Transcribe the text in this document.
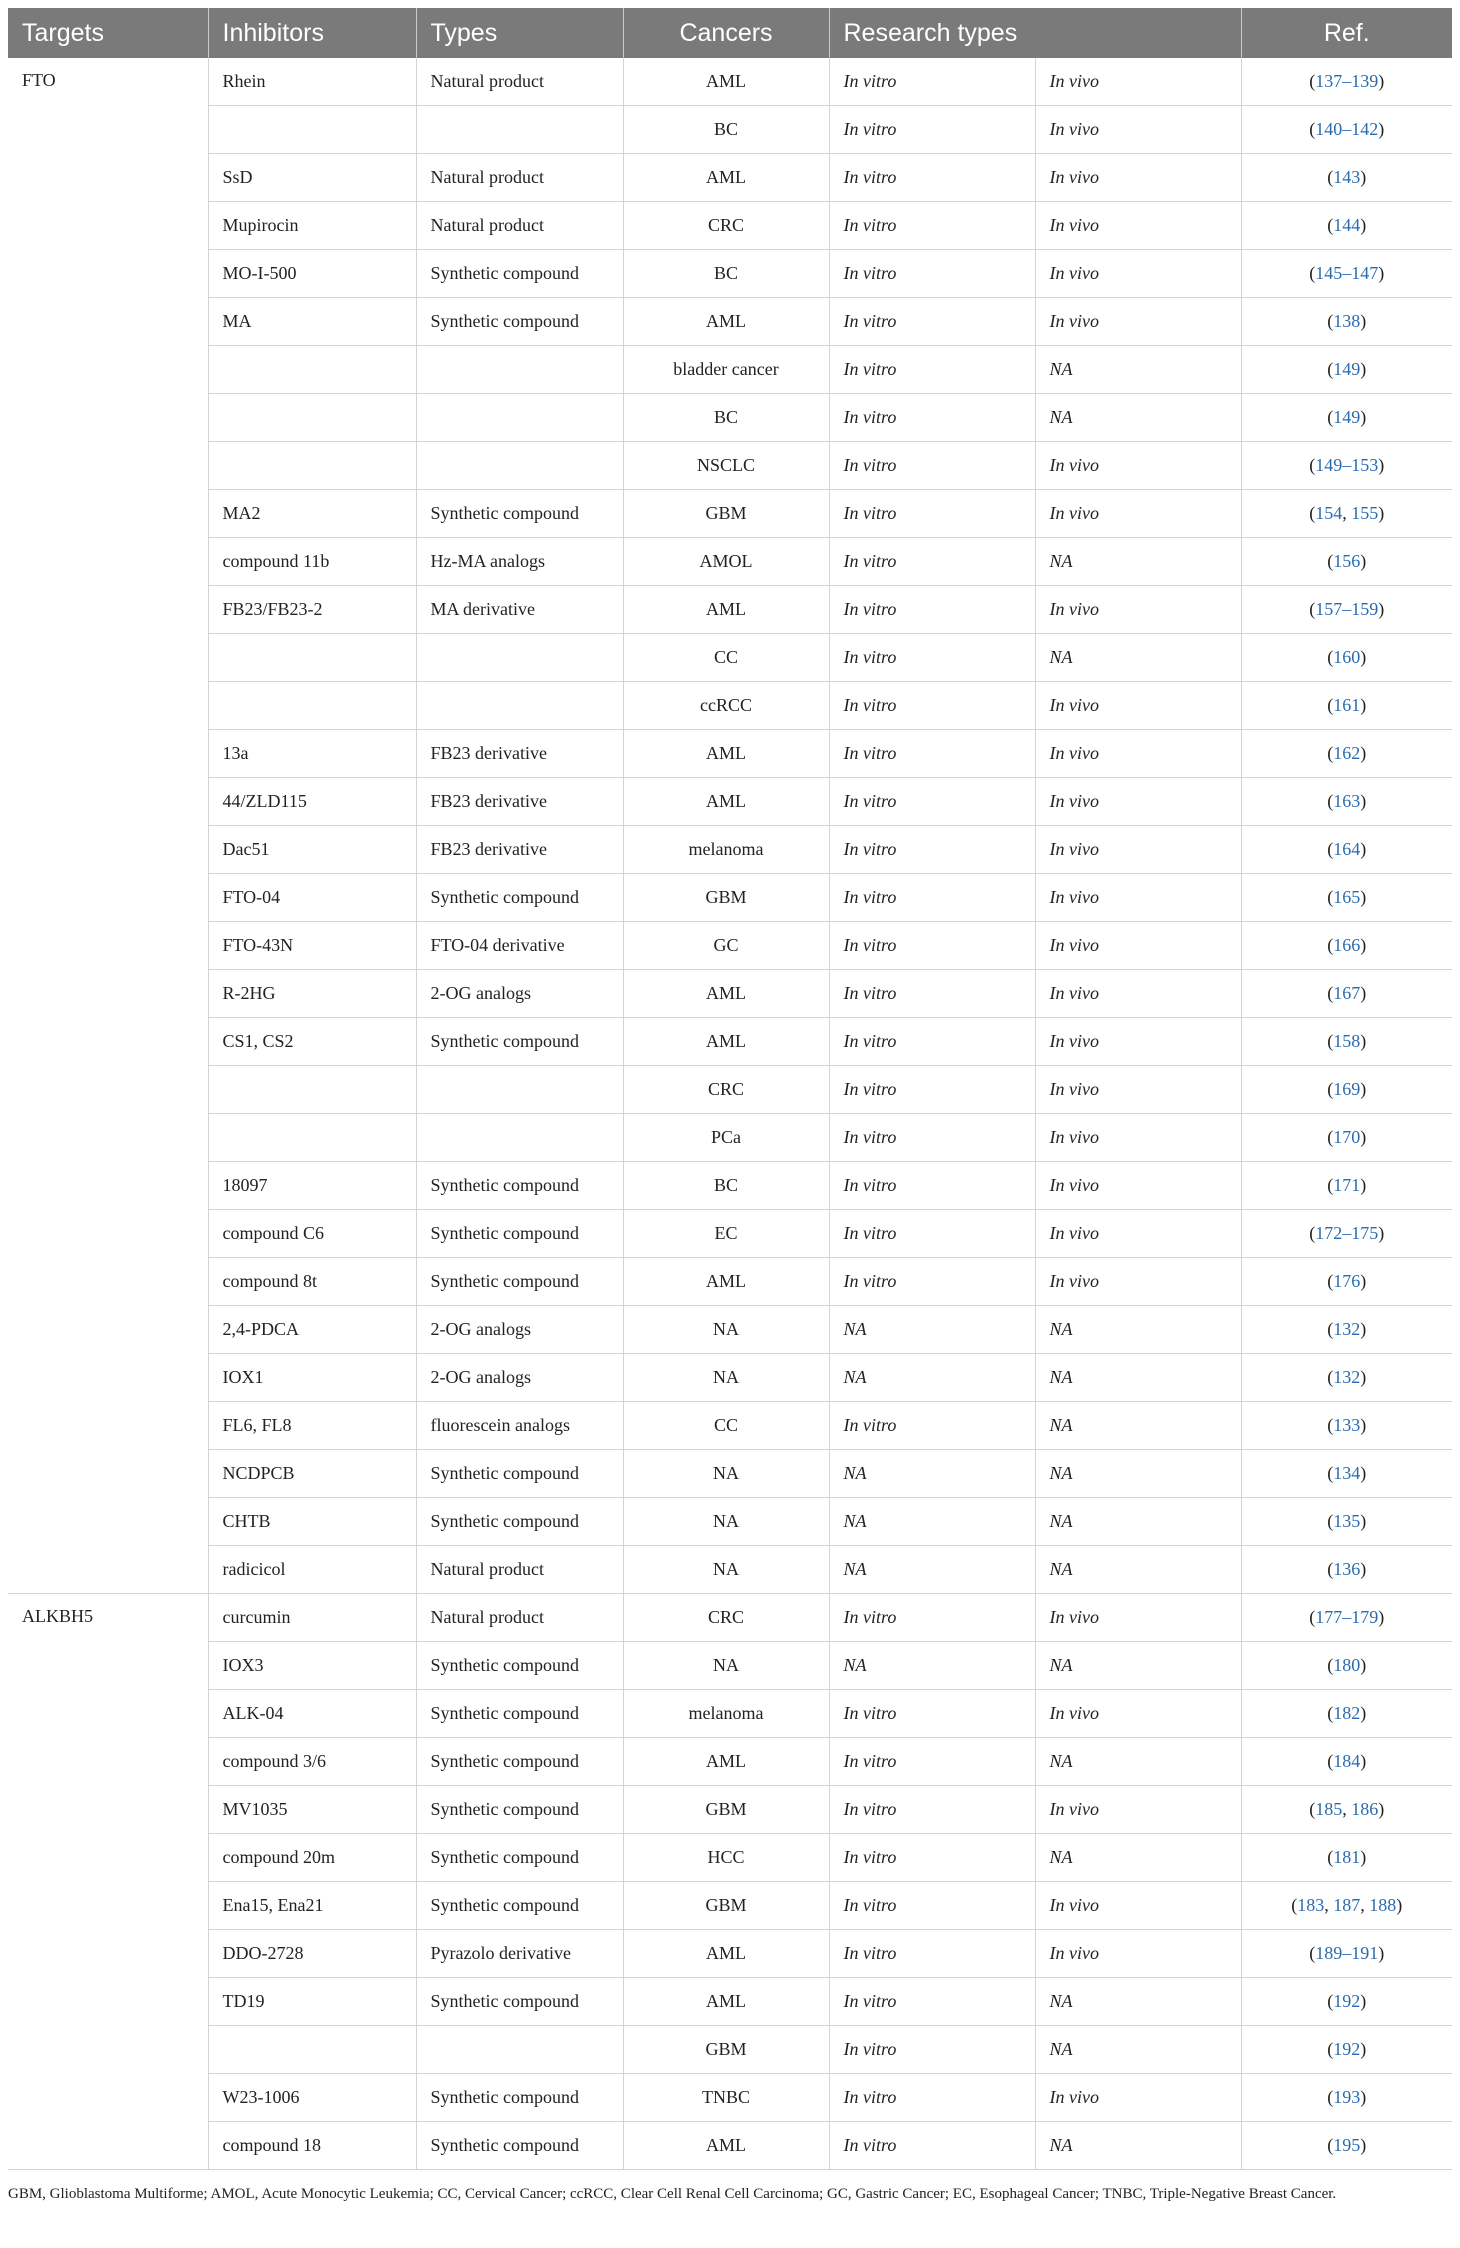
Targets	Inhibitors	Types	Cancers	Research types		Ref.
FTO	Rhein	Natural product	AML	In vitro	In vivo	(137–139)
			BC	In vitro	In vivo	(140–142)
	SsD	Natural product	AML	In vitro	In vivo	(143)
	Mupirocin	Natural product	CRC	In vitro	In vivo	(144)
	MO-I-500	Synthetic compound	BC	In vitro	In vivo	(145–147)
	MA	Synthetic compound	AML	In vitro	In vivo	(138)
			bladder cancer	In vitro	NA	(149)
			BC	In vitro	NA	(149)
			NSCLC	In vitro	In vivo	(149–153)
	MA2	Synthetic compound	GBM	In vitro	In vivo	(154, 155)
	compound 11b	Hz-MA analogs	AMOL	In vitro	NA	(156)
	FB23/FB23-2	MA derivative	AML	In vitro	In vivo	(157–159)
			CC	In vitro	NA	(160)
			ccRCC	In vitro	In vivo	(161)
	13a	FB23 derivative	AML	In vitro	In vivo	(162)
	44/ZLD115	FB23 derivative	AML	In vitro	In vivo	(163)
	Dac51	FB23 derivative	melanoma	In vitro	In vivo	(164)
	FTO-04	Synthetic compound	GBM	In vitro	In vivo	(165)
	FTO-43N	FTO-04 derivative	GC	In vitro	In vivo	(166)
	R-2HG	2-OG analogs	AML	In vitro	In vivo	(167)
	CS1, CS2	Synthetic compound	AML	In vitro	In vivo	(158)
			CRC	In vitro	In vivo	(169)
			PCa	In vitro	In vivo	(170)
	18097	Synthetic compound	BC	In vitro	In vivo	(171)
	compound C6	Synthetic compound	EC	In vitro	In vivo	(172–175)
	compound 8t	Synthetic compound	AML	In vitro	In vivo	(176)
	2,4-PDCA	2-OG analogs	NA	NA	NA	(132)
	IOX1	2-OG analogs	NA	NA	NA	(132)
	FL6, FL8	fluorescein analogs	CC	In vitro	NA	(133)
	NCDPCB	Synthetic compound	NA	NA	NA	(134)
	CHTB	Synthetic compound	NA	NA	NA	(135)
	radicicol	Natural product	NA	NA	NA	(136)
ALKBH5	curcumin	Natural product	CRC	In vitro	In vivo	(177–179)
	IOX3	Synthetic compound	NA	NA	NA	(180)
	ALK-04	Synthetic compound	melanoma	In vitro	In vivo	(182)
	compound 3/6	Synthetic compound	AML	In vitro	NA	(184)
	MV1035	Synthetic compound	GBM	In vitro	In vivo	(185, 186)
	compound 20m	Synthetic compound	HCC	In vitro	NA	(181)
	Ena15, Ena21	Synthetic compound	GBM	In vitro	In vivo	(183, 187, 188)
	DDO-2728	Pyrazolo derivative	AML	In vitro	In vivo	(189–191)
	TD19	Synthetic compound	AML	In vitro	NA	(192)
			GBM	In vitro	NA	(192)
	W23-1006	Synthetic compound	TNBC	In vitro	In vivo	(193)
	compound 18	Synthetic compound	AML	In vitro	NA	(195)
GBM, Glioblastoma Multiforme; AMOL, Acute Monocytic Leukemia; CC, Cervical Cancer; ccRCC, Clear Cell Renal Cell Carcinoma; GC, Gastric Cancer; EC, Esophageal Cancer; TNBC, Triple-Negative Breast Cancer.
